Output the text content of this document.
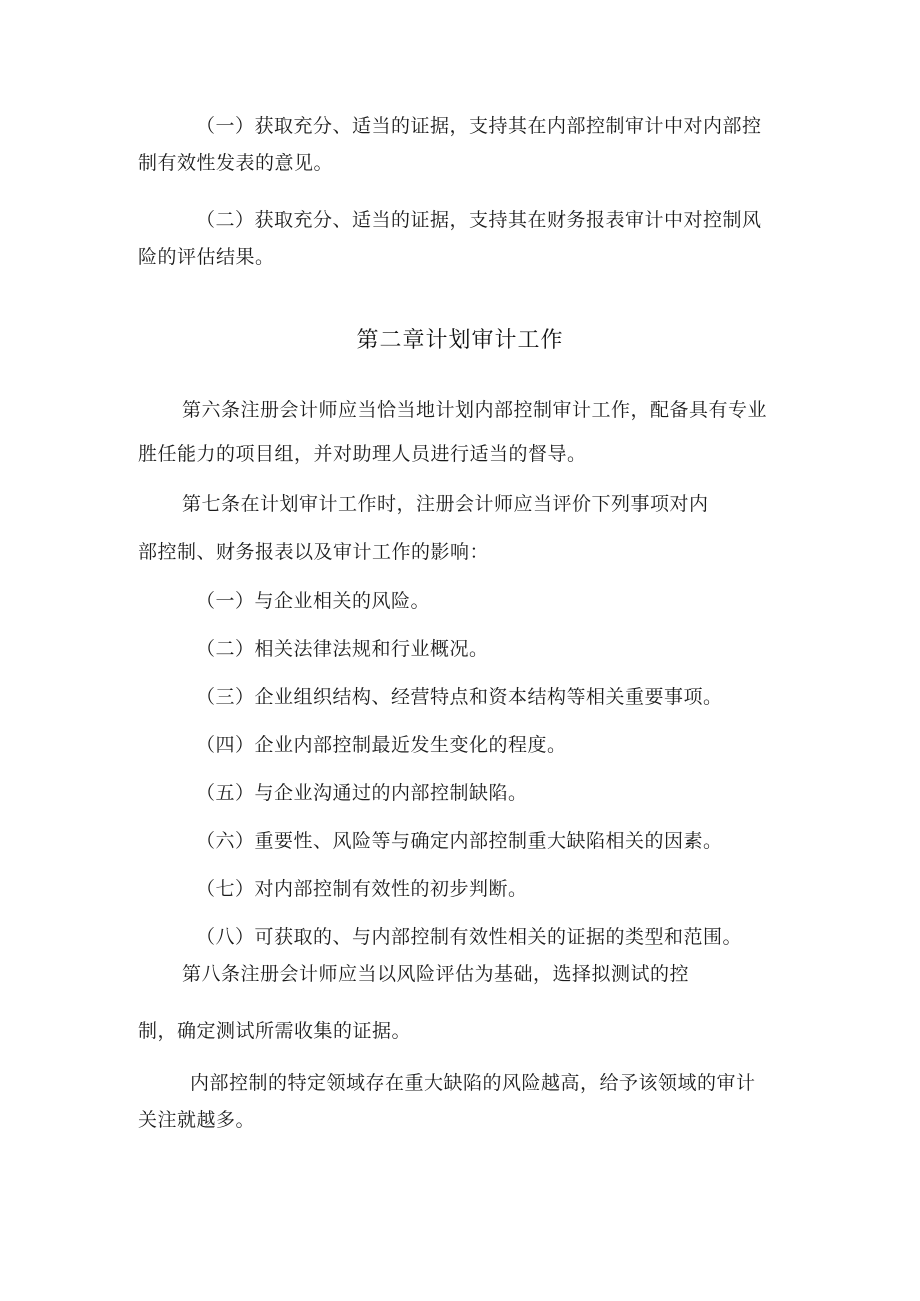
（一）获取充分、适当的证据，支持其在内部控制审计中对内部控
制有效性发表的意见。
（二）获取充分、适当的证据，支持其在财务报表审计中对控制风
险的评估结果。
第二章计划审计工作
第六条注册会计师应当恰当地计划内部控制审计工作，配备具有专业
胜任能力的项目组，并对助理人员进行适当的督导。
第七条在计划审计工作时，注册会计师应当评价下列事项对内
部控制、财务报表以及审计工作的影响：
（一）与企业相关的风险。
（二）相关法律法规和行业概况。
（三）企业组织结构、经营特点和资本结构等相关重要事项。
（四）企业内部控制最近发生变化的程度。
（五）与企业沟通过的内部控制缺陷。
（六）重要性、风险等与确定内部控制重大缺陷相关的因素。
（七）对内部控制有效性的初步判断。
（八）可获取的、与内部控制有效性相关的证据的类型和范围。
第八条注册会计师应当以风险评估为基础，选择拟测试的控
制，确定测试所需收集的证据。
内部控制的特定领域存在重大缺陷的风险越高，给予该领域的审计
关注就越多。
